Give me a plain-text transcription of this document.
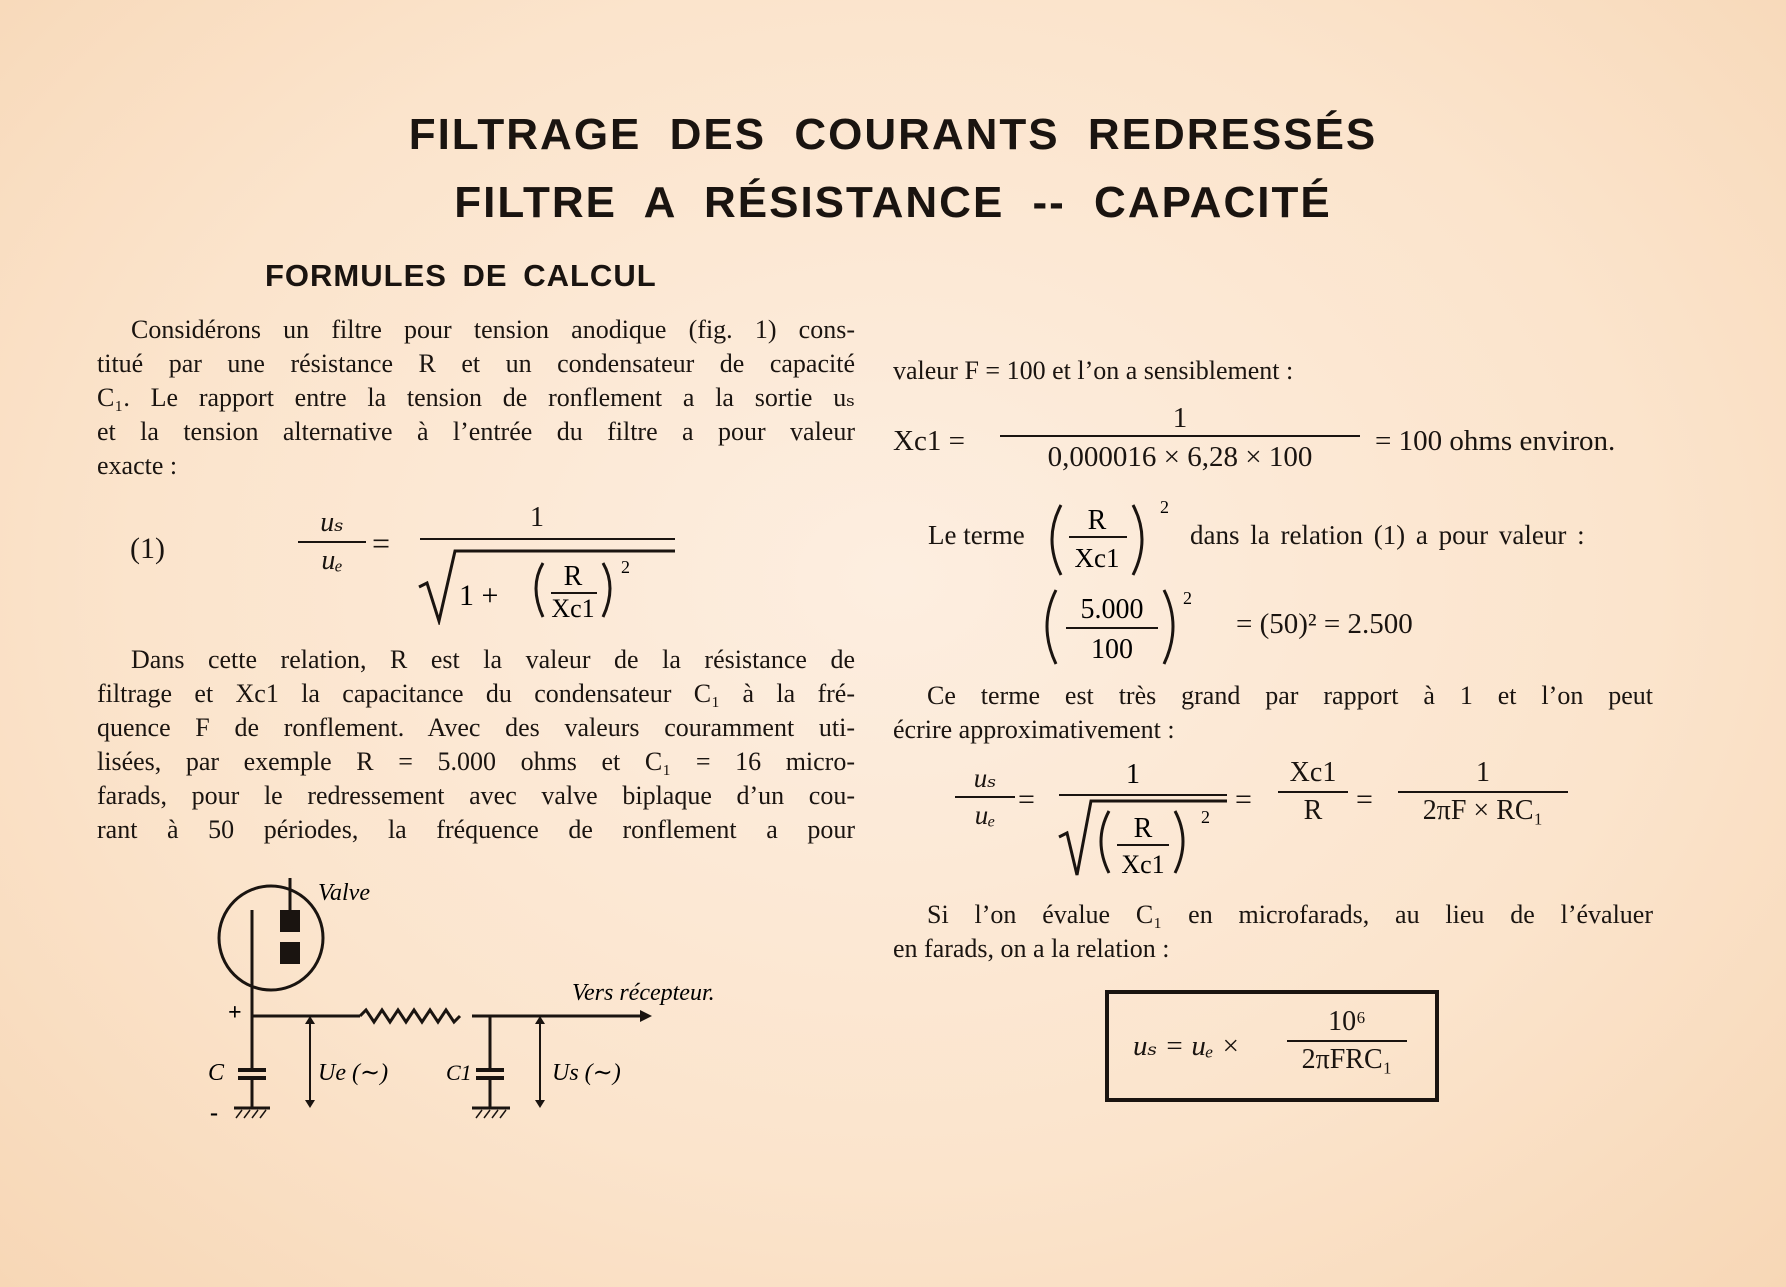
FILTRAGE DES COURANTS REDRESSÉS
FILTRE A RÉSISTANCE -- CAPACITÉ
FORMULES DE CALCUL
Considérons un filtre pour tension anodique (fig. 1) cons-
titué par une résistance R et un condensateur de capacité
C₁. Le rapport entre la tension de ronflement a la sortie uₛ
et la tension alternative à l’entrée du filtre a pour valeur
exacte :
(1)	$\frac{\text{uₛ}}{\text{uₑ}}$ =
1
1 +
R
Xc1
2
Dans cette relation, R est la valeur de la résistance de
filtrage et Xc1 la capacitance du condensateur C₁ à la fré-
quence F de ronflement. Avec des valeurs couramment uti-
lisées, par exemple R = 5.000 ohms et C₁ = 16 micro-
farads, pour le redressement avec valve biplaque d’un cou-
rant à 50 périodes, la fréquence de ronflement a pour
Valve
Vers récepteur.
+
-
C	C1
Ue (∼)	Us (∼)
valeur F = 100 et l’on a sensiblement :
$Xc1 = \frac{1}{0,000016 \times 6,28 \times 100} = 100$ ohms environ.
Le terme R
Xc1
2
dans la relation (1) a pour valeur :
5.000
100
2
= (50)² = 2.500
Ce terme est très grand par rapport à 1 et l’on peut
écrire approximativement :
$\frac{\text{uₛ}}{\text{uₑ}}$ =
1
R
Xc1
2
= $\frac{Xc1}{R} = \frac{1}{\text{2πF × RC₁}}$
Si l’on évalue C₁ en microfarads, au lieu de l’évaluer
en farads, on a la relation :
uₛ = uₑ ×
10⁶
2πFRC₁
